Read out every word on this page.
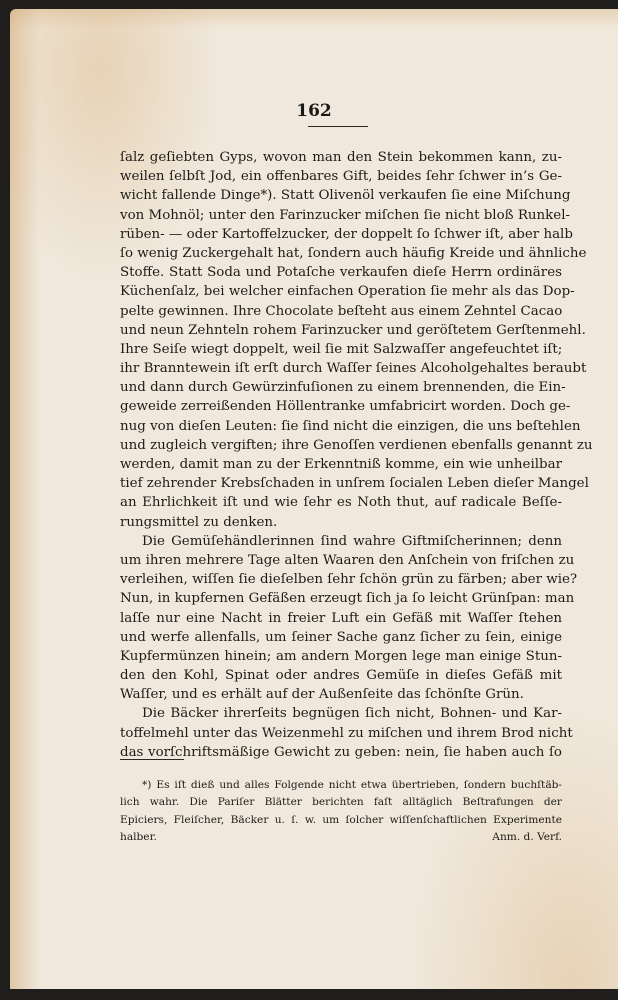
162
ſalz geſiebten Gyps, wovon man den Stein bekommen kann, zu-
weilen ſelbſt Jod, ein offenbares Gift, beides ſehr ſchwer in’s Ge-
wicht fallende Dinge*). Statt Olivenöl verkaufen ſie eine Miſchung
von Mohnöl; unter den Farinzucker miſchen ſie nicht bloß Runkel-
rüben- — oder Kartoffelzucker, der doppelt ſo ſchwer iſt, aber halb
ſo wenig Zuckergehalt hat, ſondern auch häufig Kreide und ähnliche
Stoffe. Statt Soda und Potaſche verkaufen dieſe Herrn ordinäres
Küchenſalz, bei welcher einfachen Operation ſie mehr als das Dop-
pelte gewinnen. Ihre Chocolate beſteht aus einem Zehntel Cacao
und neun Zehnteln rohem Farinzucker und geröſtetem Gerſtenmehl.
Ihre Seiſe wiegt doppelt, weil ſie mit Salzwaſſer angefeuchtet iſt;
ihr Branntewein iſt erſt durch Waſſer ſeines Alcoholgehaltes beraubt
und dann durch Gewürzinfuſionen zu einem brennenden, die Ein-
geweide zerreißenden Höllentranke umfabricirt worden. Doch ge-
nug von dieſen Leuten: ſie ſind nicht die einzigen, die uns beſtehlen
und zugleich vergiften; ihre Genoſſen verdienen ebenfalls genannt zu
werden, damit man zu der Erkenntniß komme, ein wie unheilbar
tief zehrender Krebsſchaden in unſrem ſocialen Leben dieſer Mangel
an Ehrlichkeit iſt und wie ſehr es Noth thut, auf radicale Beſſe-
rungsmittel zu denken.
Die Gemüſehändlerinnen ſind wahre Giftmiſcherinnen; denn
um ihren mehrere Tage alten Waaren den Anſchein von friſchen zu
verleihen, wiſſen ſie dieſelben ſehr ſchön grün zu färben; aber wie?
Nun, in kupfernen Gefäßen erzeugt ſich ja ſo leicht Grünſpan: man
laſſe nur eine Nacht in freier Luft ein Gefäß mit Waſſer ſtehen
und werfe allenfalls, um ſeiner Sache ganz ſicher zu ſein, einige
Kupfermünzen hinein; am andern Morgen lege man einige Stun-
den den Kohl, Spinat oder andres Gemüſe in dieſes Gefäß mit
Waſſer, und es erhält auf der Außenſeite das ſchönſte Grün.
Die Bäcker ihrerſeits begnügen ſich nicht, Bohnen- und Kar-
toffelmehl unter das Weizenmehl zu miſchen und ihrem Brod nicht
das vorſchriftsmäßige Gewicht zu geben: nein, ſie haben auch ſo
*) Es iſt dieß und alles Folgende nicht etwa übertrieben, ſondern buchſtäb-
lich wahr. Die Pariſer Blätter berichten faſt alltäglich Beſtrafungen der
Epiciers, Fleiſcher, Bäcker u. ſ. w. um ſolcher wiſſenſchaftlichen Experimente
halber.	Anm. d. Verf.
